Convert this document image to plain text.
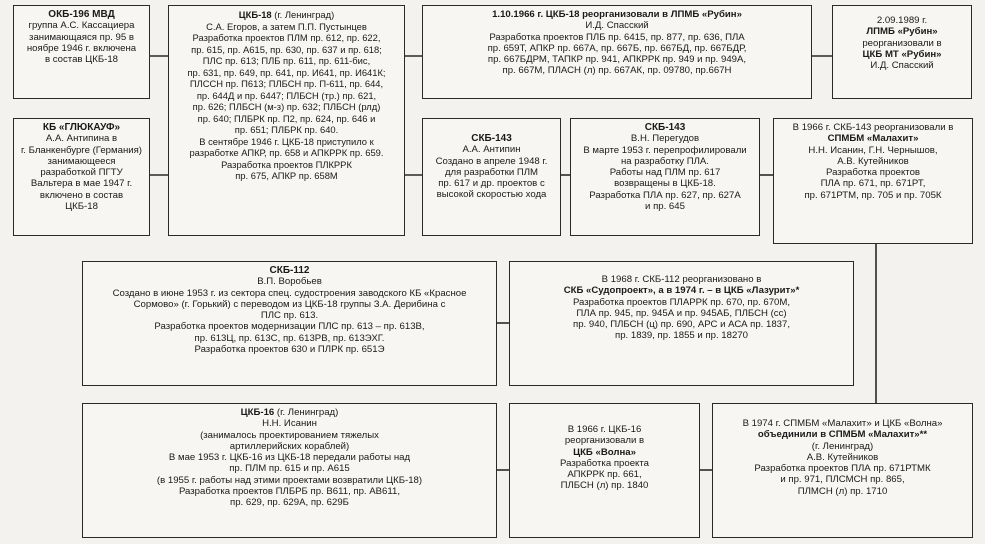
ОКБ-196 МВД

группа А.С. Кассациера

занимающаяся пр. 95 в

ноябре 1946 г. включена

в состав ЦКБ-18

ЦКБ-18 (г. Ленинград)

С.А. Егоров, а затем П.П. Пустынцев

Разработка проектов ПЛМ пр. 612, пр. 622,

пр. 615, пр. А615, пр. 630, пр. 637 и пр. 618;

ПЛС пр. 613; ПЛБ пр. 611, пр. 611-бис,

пр. 631, пр. 649, пр. 641, пр. И641, пр. И641К;

ПЛССН пр. П613; ПЛБСН пр. П-611, пр. 644,

пр. 644Д и пр. 6447; ПЛБСН (тр.) пр. 621,

пр. 626; ПЛБСН (м-з) пр. 632; ПЛБСН (рлд)

пр. 640; ПЛБРК пр. П2, пр. 624, пр. 646 и

пр. 651; ПЛБРК пр. 640.

В сентябре 1946 г. ЦКБ-18 приступило к

разработке АПКР, пр. 658 и АПКРРК пр. 659.

Разработка проектов ПЛКРРК

пр. 675, АПКР пр. 658М

1.10.1966 г. ЦКБ-18 реорганизовали в ЛПМБ «Рубин»

И.Д. Спасский

Разработка проектов ПЛБ пр. 6415, пр. 877, пр. 636, ПЛА

пр. 659Т, АПКР пр. 667А, пр. 667Б, пр. 667БД, пр. 667БДР,

пр. 667БДРМ, ТАПКР пр. 941, АПКРРК пр. 949 и пр. 949А,

пр. 667М, ПЛАСН (л) пр. 667АК, пр. 09780, пр.667Н

2.09.1989 г.

ЛПМБ «Рубин»

реорганизовали в

ЦКБ МТ «Рубин»

И.Д. Спасский

КБ «ГЛЮКАУФ»

А.А. Антипина в

г. Бланкенбурге (Германия)

занимающееся

разработкой ПГТУ

Вальтера в мае 1947 г.

включено в состав

ЦКБ-18

СКБ-143

А.А. Антипин

Создано в апреле 1948 г.

для разработки ПЛМ

пр. 617 и др. проектов с

высокой скоростью хода

СКБ-143

В.Н. Перегудов

В марте 1953 г. перепрофилировали

на разработку ПЛА.

Работы над ПЛМ пр. 617

возвращены в ЦКБ-18.

Разработка ПЛА пр. 627, пр. 627А

и пр. 645

В 1966 г. СКБ-143 реорганизовали в

СПМБМ «Малахит»

Н.Н. Исанин, Г.Н. Чернышов,

А.В. Кутейников

Разработка проектов

ПЛА пр. 671, пр. 671РТ,

пр. 671РТМ, пр. 705 и пр. 705К

СКБ-112

В.П. Воробьев

Создано в июне 1953 г. из сектора спец. судостроения заводского КБ «Красное

Сормово» (г. Горький) с переводом из ЦКБ-18 группы З.А. Дерибина с

ПЛС пр. 613.

Разработка проектов модернизации ПЛС пр. 613 – пр. 613В,

пр. 613Ц, пр. 613С, пр. 613РВ, пр. 613ЭХГ.

Разработка проектов 630 и ПЛРК пр. 651Э

В 1968 г. СКБ-112 реорганизовано в

СКБ «Судопроект», а в 1974 г. – в ЦКБ «Лазурит»*

Разработка проектов ПЛАРРК пр. 670, пр. 670М,

ПЛА пр. 945, пр. 945А и пр. 945АБ, ПЛБСН (сс)

пр. 940, ПЛБСН (ц) пр. 690, АРС и АСА пр. 1837,

пр. 1839, пр. 1855 и пр. 18270

ЦКБ-16 (г. Ленинград)

Н.Н. Исанин

(занималось проектированием тяжелых

артиллерийских кораблей)

В мае 1953 г. ЦКБ-16 из ЦКБ-18 передали работы над

пр. ПЛМ пр. 615 и пр. А615

(в 1955 г. работы над этими проектами возвратили ЦКБ-18)

Разработка проектов ПЛБРБ пр. В611, пр. АВ611,

пр. 629, пр. 629А, пр. 629Б

В 1966 г. ЦКБ-16

реорганизовали в

ЦКБ «Волна»

Разработка проекта

АПКРРК пр. 661,

ПЛБСН (л) пр. 1840

В 1974 г. СПМБМ «Малахит» и ЦКБ «Волна»

объединили в СПМБМ «Малахит»**

(г. Ленинград)

А.В. Кутейников

Разработка проектов ПЛА пр. 671РТМК

и пр. 971, ПЛСМСН пр. 865,

ПЛМСН (л) пр. 1710
